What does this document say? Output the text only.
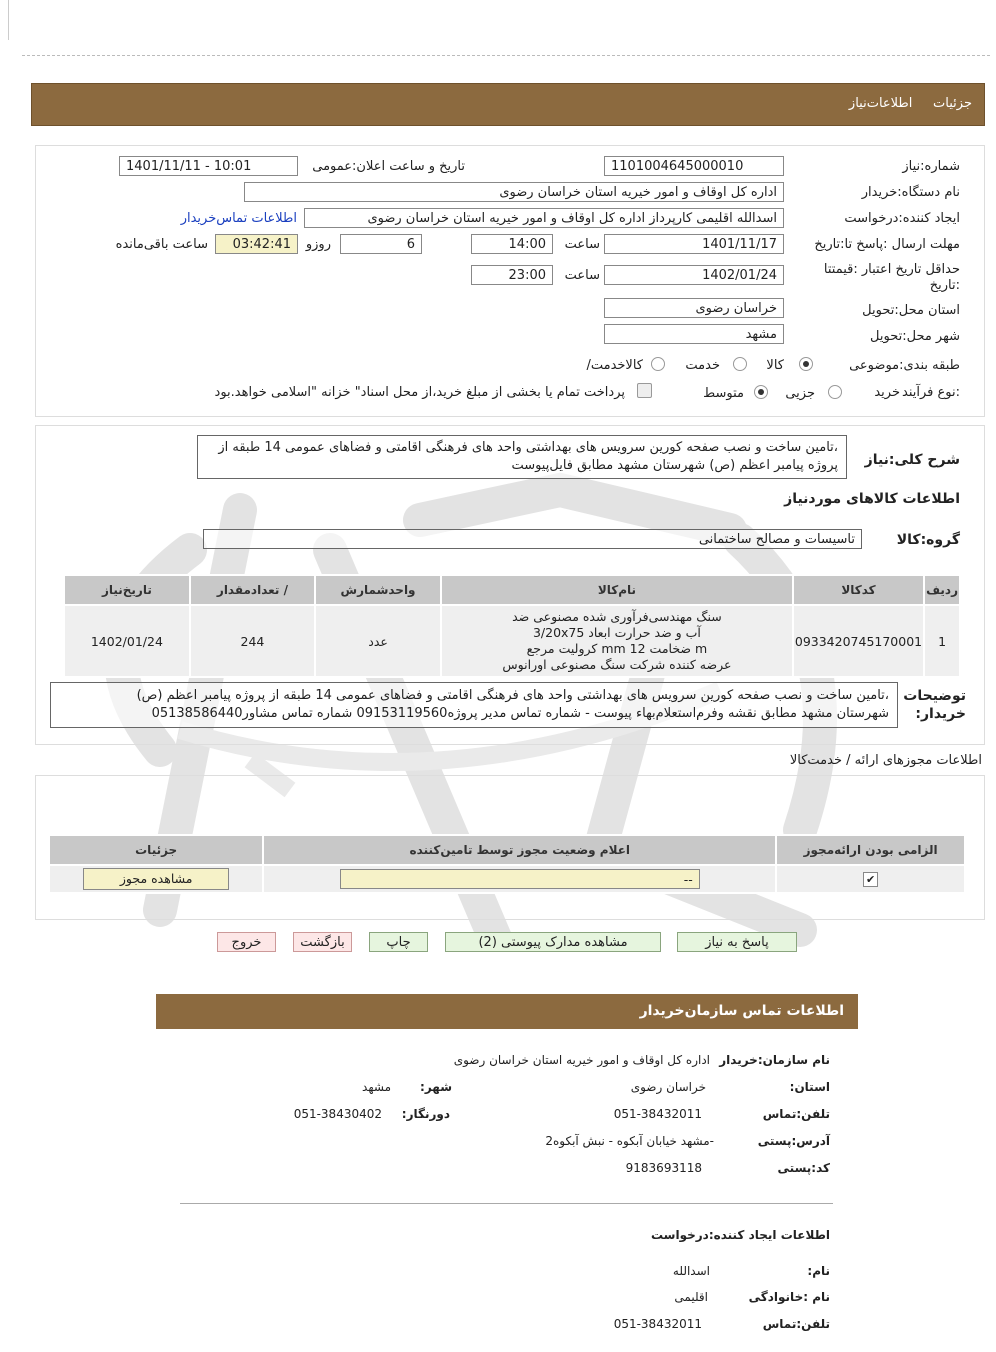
جزئیات     اطلاعات‌نیاز
شماره:نیاز
1101004645000010
تاریخ و ساعت اعلان:عمومی
1401/11/11 - 10:01
نام دستگاه:خریدار
اداره کل اوقاف و امور خیریه استان خراسان رضوی
ایجاد کننده:درخواست
اسدالله اقلیمی کارپرداز اداره کل اوقاف و امور خیریه استان خراسان رضوی
اطلاعات تماس‌خریدار
مهلت ارسال :پاسخ تا:تاریخ
1401/11/17
ساعت
14:00
6
روزو
03:42:41
ساعت باقی‌مانده
حداقل تاریخ اعتبار :قیمتتا
:تاریخ
1402/01/24
ساعت
23:00
استان محل:تحویل
خراسان رضوی
شهر محل:تحویل
مشهد
طبقه بندی:موضوعی
کالا
خدمت
/کالاخدمت
نوع فرآیند:
خرید
جزیی
متوسط
پرداخت تمام یا بخشی از مبلغ خرید،از محل اسناد" خزانه "اسلامی خواهد.بود
شرح کلی:نیاز
،تامین ساخت و نصب صفحه کورین سرویس های بهداشتی واحد های فرهنگی اقامتی و فضاهای عمومی 14 طبقه از پروژه پیامبر اعظم (ص) شهرستان مشهد مطابق فایل‌پیوست
اطلاعات کالاهای موردنیاز
گروه:کالا
تاسیسات و مصالح ساختمانی
ردیف	کدکالا	نام‌کالا	واحدشمارش	/ تعدادمقدار	تاریخ‌نیاز
1	0933420745170001	سنگ مهندسی‌فرآوری شده مصنوعی ضد
آب و ضد حرارت ابعاد 3/20x75
m ضخامت 12 mm کرولیت مرجع
عرضه کننده شرکت سنگ مصنوعی اورانوس	عدد	244	1402/01/24
توضیحات
:خریدار
،تامین ساخت و نصب صفحه کورین سرویس های بهداشتی واحد های فرهنگی اقامتی و فضاهای عمومی 14 طبقه از پروژه پیامبر اعظم (ص)
شهرستان مشهد مطابق نقشه وفرم‌استعلام‌بهاء پیوست - شماره تماس مدیر پروژه09153119560 شماره تماس مشاور05138586440
اطلاعات مجوزهای ارائه / خدمت‌کالا
الزامی بودن ارائه‌مجوز	اعلام وضعیت مجوز توسط تامین‌کننده	جزئیات
✔	--	مشاهده مجوز
پاسخ به نیاز
مشاهده مدارک پیوستی (2)
چاپ
بازگشت
خروج
اطلاعات تماس سازمان‌خریدار
نام سازمان:خریدار
اداره کل اوقاف و امور خیریه استان خراسان رضوی
:استان
خراسان رضوی
:شهر
مشهد
تلفن:تماس
051-38432011
:دورنگار
051-38430402
آدرس:پستی
-مشهد خیابان آبکوه - نبش آبکوه2
کد:پستی
9183693118
اطلاعات ایجاد کننده:درخواست
:نام
اسدالله
نام :خانوادگی
اقلیمی
تلفن:تماس
051-38432011
